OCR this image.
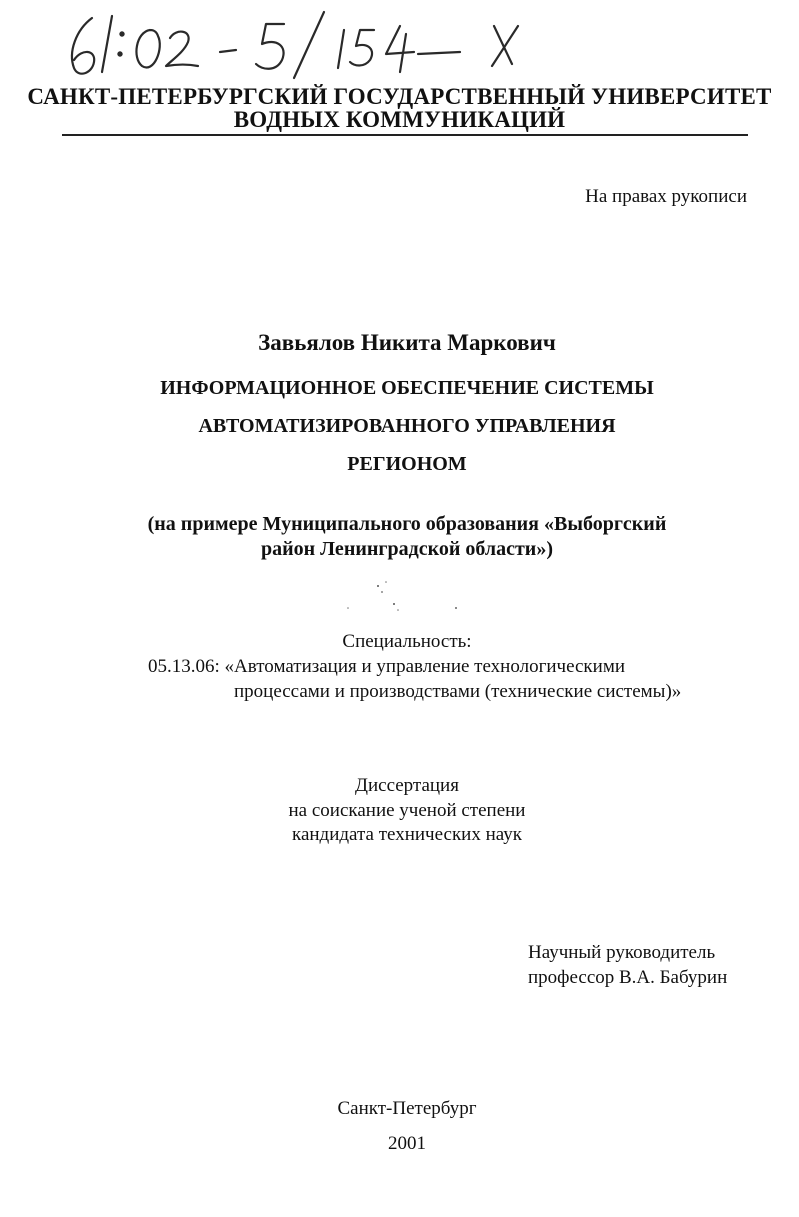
САНКТ-ПЕТЕРБУРГСКИЙ ГОСУДАРСТВЕННЫЙ УНИВЕРСИТЕТ
ВОДНЫХ КОММУНИКАЦИЙ
На правах рукописи
Завьялов Никита Маркович
ИНФОРМАЦИОННОЕ ОБЕСПЕЧЕНИЕ СИСТЕМЫ
АВТОМАТИЗИРОВАННОГО УПРАВЛЕНИЯ
РЕГИОНОМ
(на примере Муниципального образования «Выборгский
район Ленинградской области»)
Специальность:
05.13.06: «Автоматизация и управление технологическими
процессами и производствами (технические системы)»
Диссертация
на соискание ученой степени
кандидата технических наук
Научный руководитель
профессор В.А. Бабурин
Санкт-Петербург
2001
